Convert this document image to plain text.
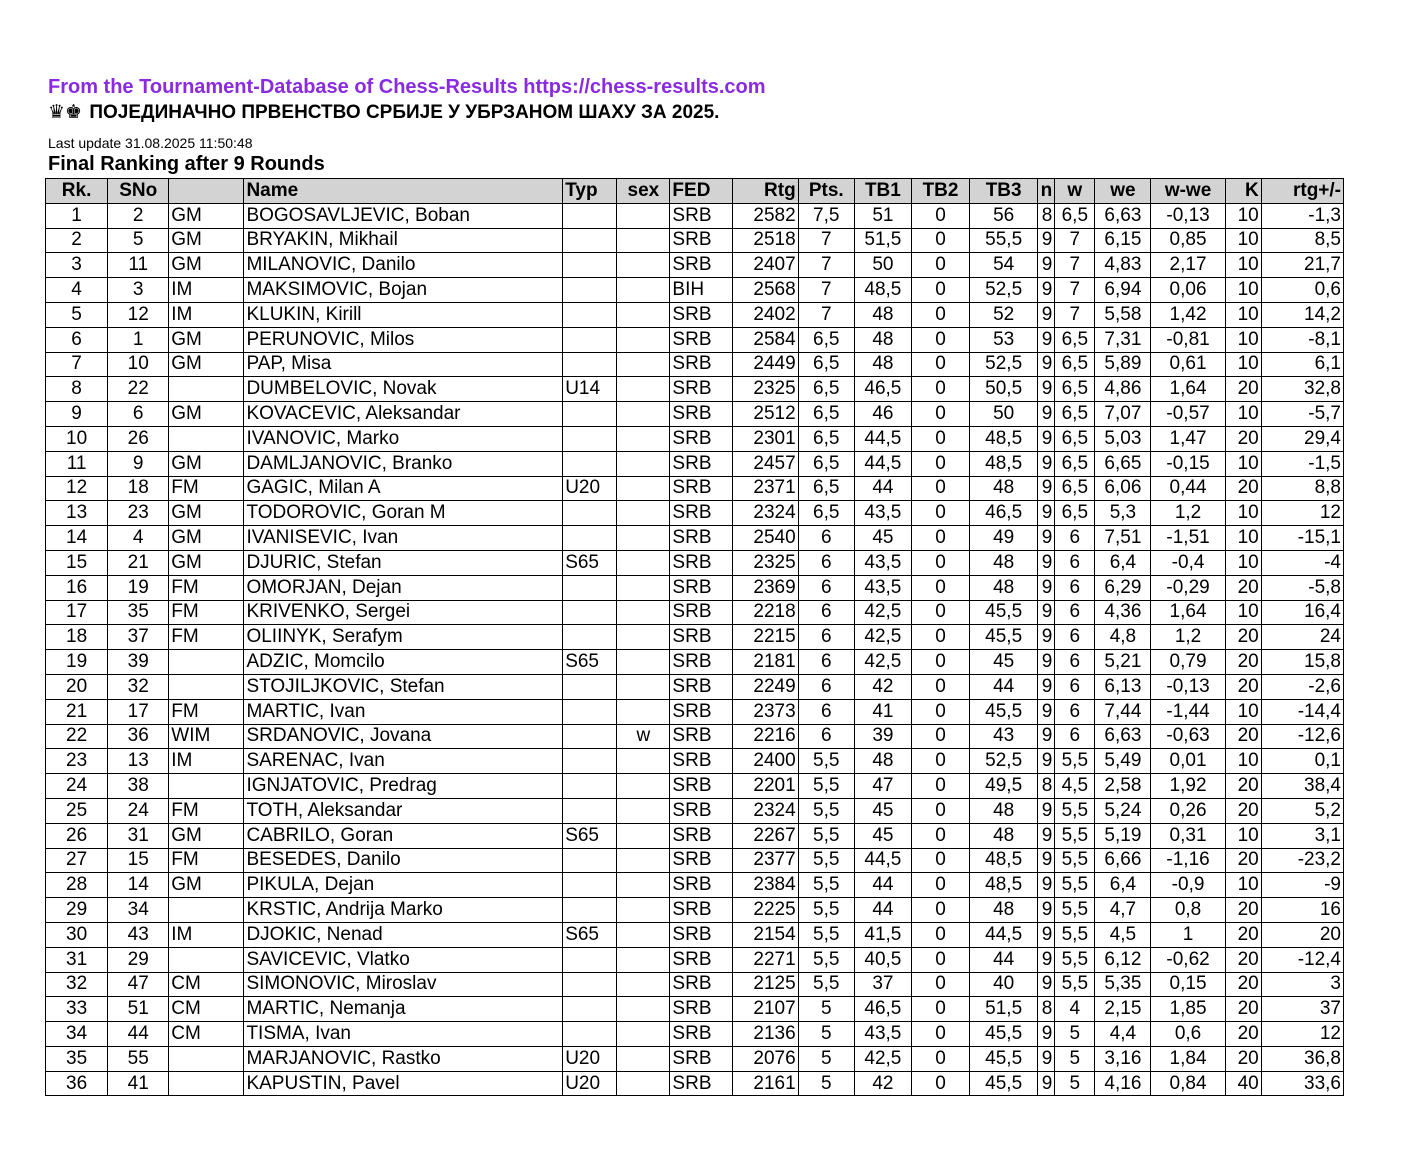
From the Tournament-Database of Chess-Results https://chess-results.com
♛♚ ПОЈЕДИНАЧНО ПРВЕНСТВО СРБИЈЕ У УБРЗАНОМ ШАХУ ЗА 2025.
Last update 31.08.2025 11:50:48
Final Ranking after 9 Rounds
Rk.	SNo		Name	Typ	sex	FED	Rtg	Pts.	TB1	TB2	TB3	n	w	we	w-we	K	rtg+/-
1	2	GM	BOGOSAVLJEVIC, Boban			SRB	2582	7,5	51	0	56	8	6,5	6,63	-0,13	10	-1,3
2	5	GM	BRYAKIN, Mikhail			SRB	2518	7	51,5	0	55,5	9	7	6,15	0,85	10	8,5
3	11	GM	MILANOVIC, Danilo			SRB	2407	7	50	0	54	9	7	4,83	2,17	10	21,7
4	3	IM	MAKSIMOVIC, Bojan			BIH	2568	7	48,5	0	52,5	9	7	6,94	0,06	10	0,6
5	12	IM	KLUKIN, Kirill			SRB	2402	7	48	0	52	9	7	5,58	1,42	10	14,2
6	1	GM	PERUNOVIC, Milos			SRB	2584	6,5	48	0	53	9	6,5	7,31	-0,81	10	-8,1
7	10	GM	PAP, Misa			SRB	2449	6,5	48	0	52,5	9	6,5	5,89	0,61	10	6,1
8	22		DUMBELOVIC, Novak	U14		SRB	2325	6,5	46,5	0	50,5	9	6,5	4,86	1,64	20	32,8
9	6	GM	KOVACEVIC, Aleksandar			SRB	2512	6,5	46	0	50	9	6,5	7,07	-0,57	10	-5,7
10	26		IVANOVIC, Marko			SRB	2301	6,5	44,5	0	48,5	9	6,5	5,03	1,47	20	29,4
11	9	GM	DAMLJANOVIC, Branko			SRB	2457	6,5	44,5	0	48,5	9	6,5	6,65	-0,15	10	-1,5
12	18	FM	GAGIC, Milan A	U20		SRB	2371	6,5	44	0	48	9	6,5	6,06	0,44	20	8,8
13	23	GM	TODOROVIC, Goran M			SRB	2324	6,5	43,5	0	46,5	9	6,5	5,3	1,2	10	12
14	4	GM	IVANISEVIC, Ivan			SRB	2540	6	45	0	49	9	6	7,51	-1,51	10	-15,1
15	21	GM	DJURIC, Stefan	S65		SRB	2325	6	43,5	0	48	9	6	6,4	-0,4	10	-4
16	19	FM	OMORJAN, Dejan			SRB	2369	6	43,5	0	48	9	6	6,29	-0,29	20	-5,8
17	35	FM	KRIVENKO, Sergei			SRB	2218	6	42,5	0	45,5	9	6	4,36	1,64	10	16,4
18	37	FM	OLIINYK, Serafym			SRB	2215	6	42,5	0	45,5	9	6	4,8	1,2	20	24
19	39		ADZIC, Momcilo	S65		SRB	2181	6	42,5	0	45	9	6	5,21	0,79	20	15,8
20	32		STOJILJKOVIC, Stefan			SRB	2249	6	42	0	44	9	6	6,13	-0,13	20	-2,6
21	17	FM	MARTIC, Ivan			SRB	2373	6	41	0	45,5	9	6	7,44	-1,44	10	-14,4
22	36	WIM	SRDANOVIC, Jovana		w	SRB	2216	6	39	0	43	9	6	6,63	-0,63	20	-12,6
23	13	IM	SARENAC, Ivan			SRB	2400	5,5	48	0	52,5	9	5,5	5,49	0,01	10	0,1
24	38		IGNJATOVIC, Predrag			SRB	2201	5,5	47	0	49,5	8	4,5	2,58	1,92	20	38,4
25	24	FM	TOTH, Aleksandar			SRB	2324	5,5	45	0	48	9	5,5	5,24	0,26	20	5,2
26	31	GM	CABRILO, Goran	S65		SRB	2267	5,5	45	0	48	9	5,5	5,19	0,31	10	3,1
27	15	FM	BESEDES, Danilo			SRB	2377	5,5	44,5	0	48,5	9	5,5	6,66	-1,16	20	-23,2
28	14	GM	PIKULA, Dejan			SRB	2384	5,5	44	0	48,5	9	5,5	6,4	-0,9	10	-9
29	34		KRSTIC, Andrija Marko			SRB	2225	5,5	44	0	48	9	5,5	4,7	0,8	20	16
30	43	IM	DJOKIC, Nenad	S65		SRB	2154	5,5	41,5	0	44,5	9	5,5	4,5	1	20	20
31	29		SAVICEVIC, Vlatko			SRB	2271	5,5	40,5	0	44	9	5,5	6,12	-0,62	20	-12,4
32	47	CM	SIMONOVIC, Miroslav			SRB	2125	5,5	37	0	40	9	5,5	5,35	0,15	20	3
33	51	CM	MARTIC, Nemanja			SRB	2107	5	46,5	0	51,5	8	4	2,15	1,85	20	37
34	44	CM	TISMA, Ivan			SRB	2136	5	43,5	0	45,5	9	5	4,4	0,6	20	12
35	55		MARJANOVIC, Rastko	U20		SRB	2076	5	42,5	0	45,5	9	5	3,16	1,84	20	36,8
36	41		KAPUSTIN, Pavel	U20		SRB	2161	5	42	0	45,5	9	5	4,16	0,84	40	33,6
